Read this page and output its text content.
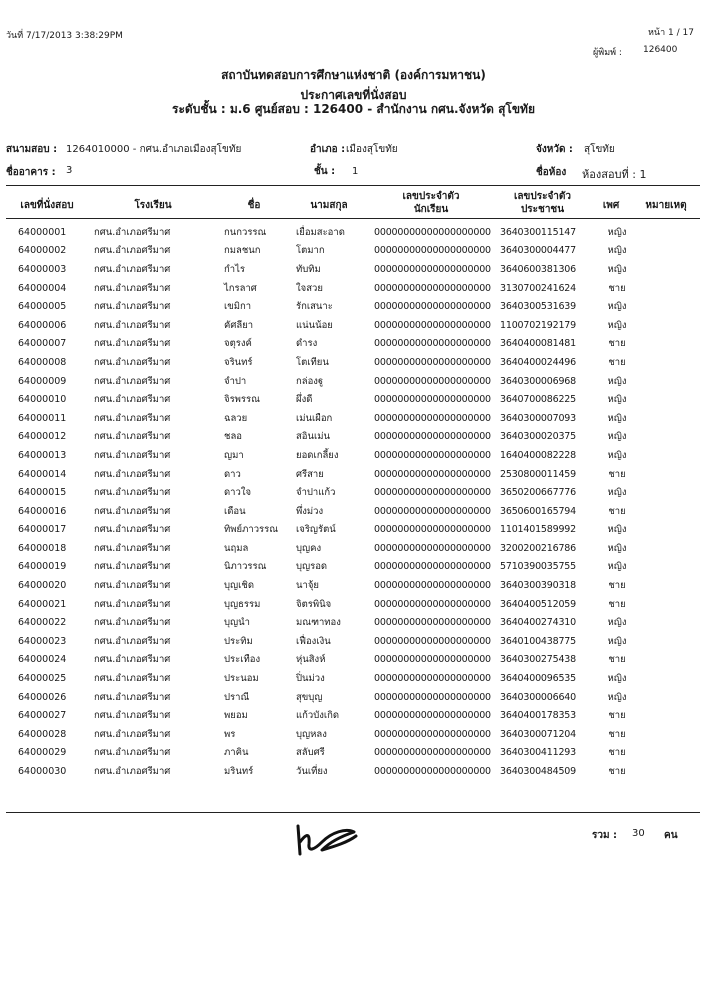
วันที่ 7/17/2013 3:38:29PM	หน้า 1 / 17
ผู้พิมพ์ : 126400
สถาบันทดสอบการศึกษาแห่งชาติ (องค์การมหาชน)
ประกาศเลขที่นั่งสอบ
ระดับชั้น : ม.6 ศูนย์สอบ : 126400 - สำนักงาน กศน.จังหวัด สุโขทัย
สนามสอบ : 1264010000 - กศน.อำเภอเมืองสุโขทัย	อำเภอ : เมืองสุโขทัย	จังหวัด : สุโขทัย
ชื่ออาคาร : 3	ชั้น : 1	ชื่อห้อง ห้องสอบที่ : 1
เลขที่นั่งสอบ	โรงเรียน	ชื่อ	นามสกุล
เลขประจำตัว
นักเรียน
เลขประจำตัว
ประชาชน	เพศ	หมายเหตุ
64000001	กศน.อำเภอศรีมาศ	กนกวรรณ	เยื่อมสะอาด	00000000000000000000	3640300115147	หญิง	
64000002	กศน.อำเภอศรีมาศ	กมลชนก	โตมาก	00000000000000000000	3640300004477	หญิง	
64000003	กศน.อำเภอศรีมาศ	กำไร	ทับทิม	00000000000000000000	3640600381306	หญิง	
64000004	กศน.อำเภอศรีมาศ	ไกรลาศ	ใจสวย	00000000000000000000	3130700241624	ชาย	
64000005	กศน.อำเภอศรีมาศ	เขมิกา	รักเสนาะ	00000000000000000000	3640300531639	หญิง	
64000006	กศน.อำเภอศรีมาศ	คัศลียา	แน่นน้อย	00000000000000000000	1100702192179	หญิง	
64000007	กศน.อำเภอศรีมาศ	จตุรงค์	ดำรง	00000000000000000000	3640400081481	ชาย	
64000008	กศน.อำเภอศรีมาศ	จรินทร์	โตเทียน	00000000000000000000	3640400024496	ชาย	
64000009	กศน.อำเภอศรีมาศ	จำปา	กล่องฐู	00000000000000000000	3640300006968	หญิง	
64000010	กศน.อำเภอศรีมาศ	จิรพรรณ	ผึ่งดี	00000000000000000000	3640700086225	หญิง	
64000011	กศน.อำเภอศรีมาศ	ฉลวย	เม่นเผือก	00000000000000000000	3640300007093	หญิง	
64000012	กศน.อำเภอศรีมาศ	ชลอ	สอินเม่น	00000000000000000000	3640300020375	หญิง	
64000013	กศน.อำเภอศรีมาศ	ญมา	ยอดเกลี้ยง	00000000000000000000	1640400082228	หญิง	
64000014	กศน.อำเภอศรีมาศ	ดาว	ศรีสาย	00000000000000000000	2530800011459	ชาย	
64000015	กศน.อำเภอศรีมาศ	ดาวใจ	จำปาแก้ว	00000000000000000000	3650200667776	หญิง	
64000016	กศน.อำเภอศรีมาศ	เดือน	พึ่งม่วง	00000000000000000000	3650600165794	ชาย	
64000017	กศน.อำเภอศรีมาศ	ทิพย์ภาวรรณ	เจริญรัตน์	00000000000000000000	1101401589992	หญิง	
64000018	กศน.อำเภอศรีมาศ	นฤมล	บุญคง	00000000000000000000	3200200216786	หญิง	
64000019	กศน.อำเภอศรีมาศ	นิภาวรรณ	บุญรอด	00000000000000000000	5710390035755	หญิง	
64000020	กศน.อำเภอศรีมาศ	บุญเชิด	นาจุ้ย	00000000000000000000	3640300390318	ชาย	
64000021	กศน.อำเภอศรีมาศ	บุญธรรม	จิตรพินิจ	00000000000000000000	3640400512059	ชาย	
64000022	กศน.อำเภอศรีมาศ	บุญนำ	มณฑาทอง	00000000000000000000	3640400274310	หญิง	
64000023	กศน.อำเภอศรีมาศ	ประทิม	เฟื่องเงิน	00000000000000000000	3640100438775	หญิง	
64000024	กศน.อำเภอศรีมาศ	ประเทือง	หุ่นสิงห์	00000000000000000000	3640300275438	ชาย	
64000025	กศน.อำเภอศรีมาศ	ประนอม	ปิ่นม่วง	00000000000000000000	3640400096535	หญิง	
64000026	กศน.อำเภอศรีมาศ	ปราณี	สุขบุญ	00000000000000000000	3640300006640	หญิง	
64000027	กศน.อำเภอศรีมาศ	พยอม	แก้วบังเกิด	00000000000000000000	3640400178353	ชาย	
64000028	กศน.อำเภอศรีมาศ	พร	บุญหลง	00000000000000000000	3640300071204	ชาย	
64000029	กศน.อำเภอศรีมาศ	ภาคิน	สลับศรี	00000000000000000000	3640300411293	ชาย	
64000030	กศน.อำเภอศรีมาศ	มรินทร์	วันเที่ยง	00000000000000000000	3640300484509	ชาย	
รวม : 30 คน
